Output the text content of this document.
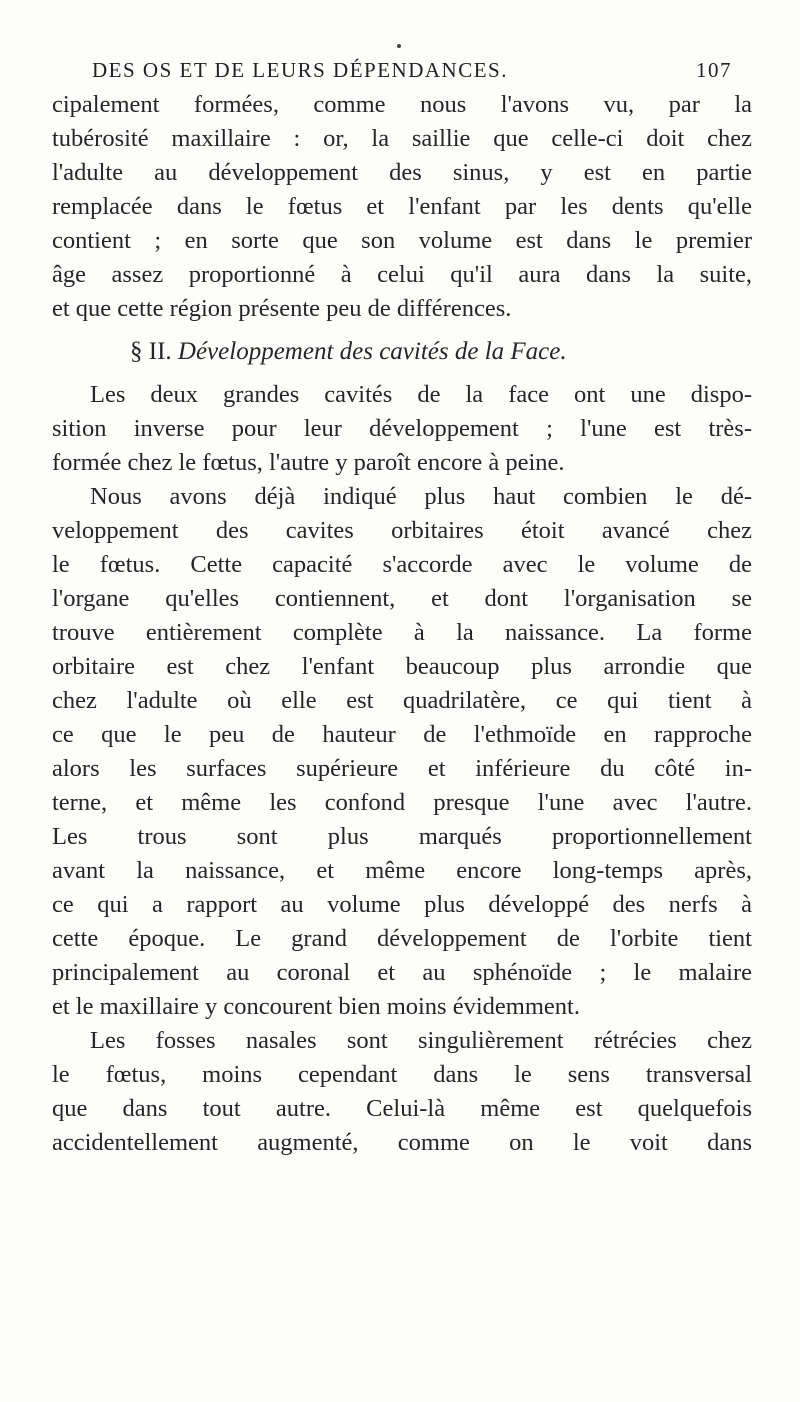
DES OS ET DE LEURS DÉPENDANCES.	107
cipalement formées, comme nous l'avons vu, par la
tubérosité maxillaire : or, la saillie que celle-ci doit chez
l'adulte au développement des sinus, y est en partie
remplacée dans le fœtus et l'enfant par les dents qu'elle
contient ; en sorte que son volume est dans le premier
âge assez proportionné à celui qu'il aura dans la suite,
et que cette région présente peu de différences.
§ II. Développement des cavités de la Face.
Les deux grandes cavités de la face ont une dispo-
sition inverse pour leur développement ; l'une est très-
formée chez le fœtus, l'autre y paroît encore à peine.
Nous avons déjà indiqué plus haut combien le dé-
veloppement des cavites orbitaires étoit avancé chez
le fœtus. Cette capacité s'accorde avec le volume de
l'organe qu'elles contiennent, et dont l'organisation se
trouve entièrement complète à la naissance. La forme
orbitaire est chez l'enfant beaucoup plus arrondie que
chez l'adulte où elle est quadrilatère, ce qui tient à
ce que le peu de hauteur de l'ethmoïde en rapproche
alors les surfaces supérieure et inférieure du côté in-
terne, et même les confond presque l'une avec l'autre.
Les trous sont plus marqués proportionnellement
avant la naissance, et même encore long-temps après,
ce qui a rapport au volume plus développé des nerfs à
cette époque. Le grand développement de l'orbite tient
principalement au coronal et au sphénoïde ; le malaire
et le maxillaire y concourent bien moins évidemment.
Les fosses nasales sont singulièrement rétrécies chez
le fœtus, moins cependant dans le sens transversal
que dans tout autre. Celui-là même est quelquefois
accidentellement augmenté, comme on le voit dans
